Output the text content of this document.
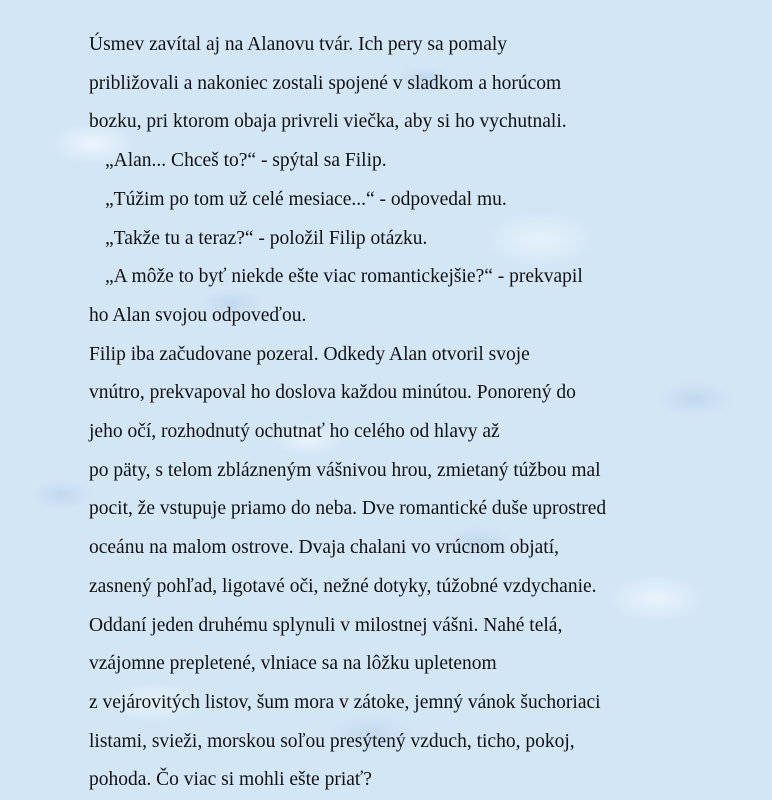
Úsmev zavítal aj na Alanovu tvár. Ich pery sa pomaly
približovali a nakoniec zostali spojené v sladkom a horúcom
bozku, pri ktorom obaja privreli viečka, aby si ho vychutnali.
„Alan... Chceš to?“ - spýtal sa Filip.
„Túžim po tom už celé mesiace...“ - odpovedal mu.
„Takže tu a teraz?“ - položil Filip otázku.
„A môže to byť niekde ešte viac romantickejšie?“ - prekvapil
ho Alan svojou odpoveďou.
Filip iba začudovane pozeral. Odkedy Alan otvoril svoje
vnútro, prekvapoval ho doslova každou minútou. Ponorený do
jeho očí, rozhodnutý ochutnať ho celého od hlavy až
po päty, s telom zblázneným vášnivou hrou, zmietaný túžbou mal
pocit, že vstupuje priamo do neba. Dve romantické duše uprostred
oceánu na malom ostrove. Dvaja chalani vo vrúcnom objatí,
zasnený pohľad, ligotavé oči, nežné dotyky, túžobné vzdychanie.
Oddaní jeden druhému splynuli v milostnej vášni. Nahé telá,
vzájomne prepletené, vlniace sa na lôžku upletenom
z vejárovitých listov, šum mora v zátoke, jemný vánok šuchoriaci
listami, svieži, morskou soľou presýtený vzduch, ticho, pokoj,
pohoda. Čo viac si mohli ešte priať?
